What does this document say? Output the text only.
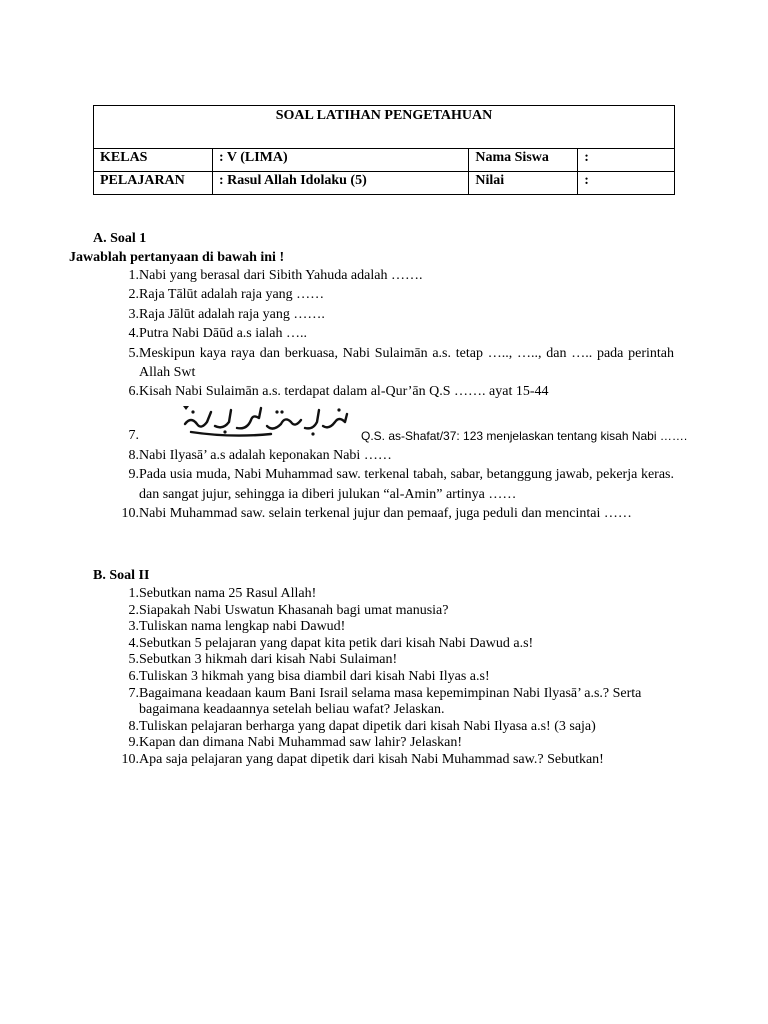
SOAL LATIHAN PENGETAHUAN			
KELAS	: V (LIMA)	Nama Siswa	:
PELAJARAN	: Rasul Allah Idolaku (5)	Nilai	:
A. Soal 1
Jawablah pertanyaan di bawah ini !
1. Nabi yang berasal dari Sibith Yahuda adalah …….
2. Raja Tālūt adalah raja yang ……
3. Raja Jālūt adalah raja yang …….
4. Putra Nabi Dāūd a.s ialah …..
5. Meskipun kaya raya dan berkuasa, Nabi Sulaimān a.s. tetap ….., ….., dan ….. pada perintah Allah Swt
6. Kisah Nabi Sulaimān a.s. terdapat dalam al-Qur’ān Q.S ……. ayat 15-44
7.	Q.S. as-Shafat/37: 123 menjelaskan tentang kisah Nabi …….
8. Nabi Ilyasā’ a.s adalah keponakan Nabi ……
9. Pada usia muda, Nabi Muhammad saw. terkenal tabah, sabar, betanggung jawab, pekerja keras. dan sangat jujur, sehingga ia diberi julukan “al-Amin” artinya ……
10. Nabi Muhammad saw. selain terkenal jujur dan pemaaf, juga peduli dan mencintai ……
B. Soal II
1. Sebutkan nama 25 Rasul Allah!
2. Siapakah Nabi Uswatun Khasanah bagi umat manusia?
3. Tuliskan nama lengkap nabi Dawud!
4. Sebutkan 5 pelajaran yang dapat kita petik dari kisah Nabi Dawud a.s!
5. Sebutkan 3 hikmah dari kisah Nabi Sulaiman!
6. Tuliskan 3 hikmah yang bisa diambil dari kisah Nabi Ilyas a.s!
7. Bagaimana keadaan kaum Bani Israil selama masa kepemimpinan Nabi Ilyasā’ a.s.? Serta bagaimana keadaannya setelah beliau wafat? Jelaskan.
8. Tuliskan pelajaran berharga yang dapat dipetik dari kisah Nabi Ilyasa a.s! (3 saja)
9. Kapan dan dimana Nabi Muhammad saw lahir? Jelaskan!
10. Apa saja pelajaran yang dapat dipetik dari kisah Nabi Muhammad saw.? Sebutkan!
